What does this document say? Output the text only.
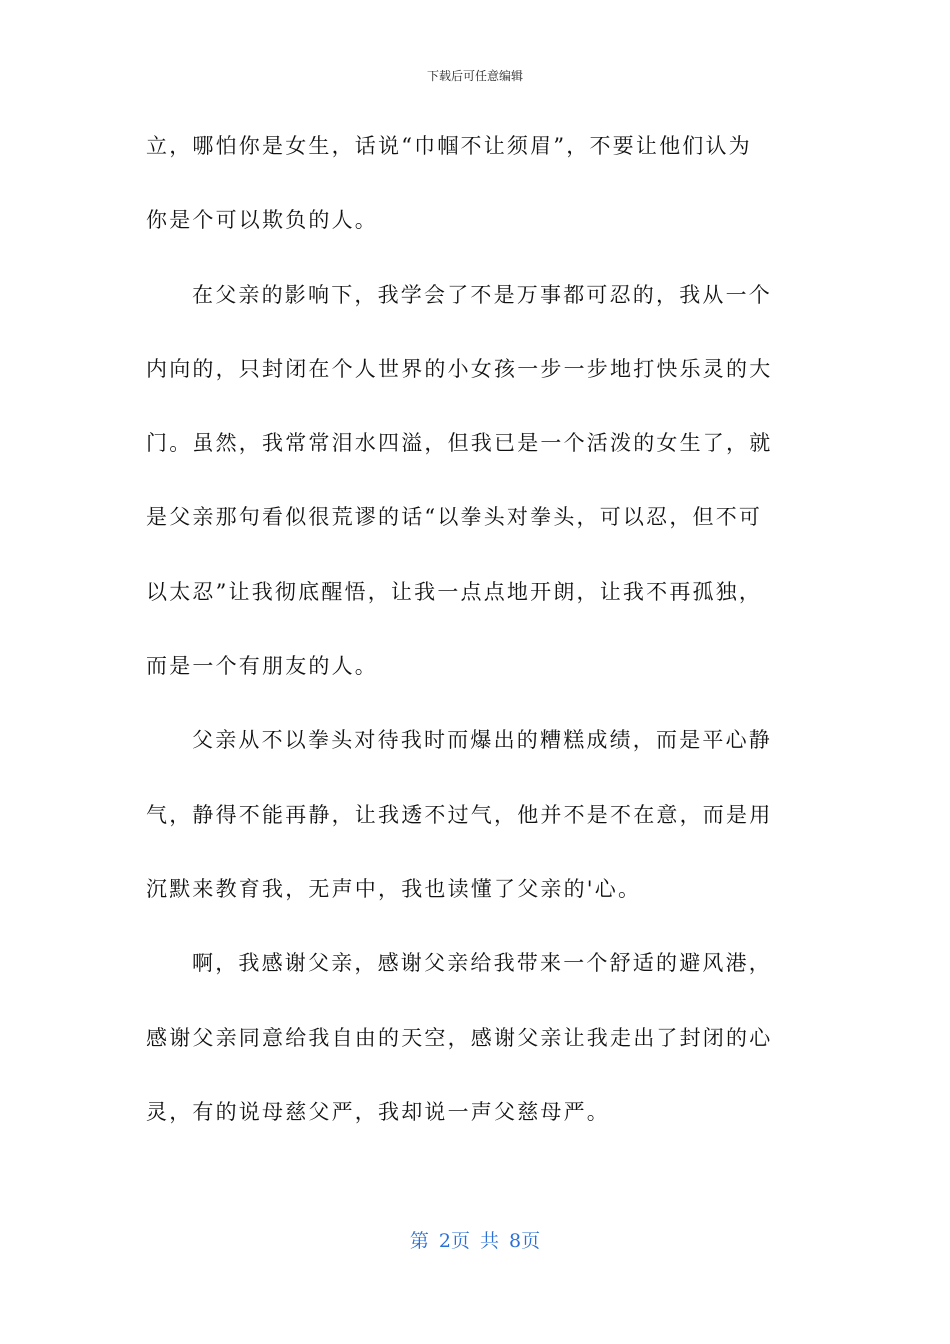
下载后可任意编辑
立，哪怕你是女生，话说“巾帼不让须眉”，不要让他们认为
你是个可以欺负的人。
在父亲的影响下，我学会了不是万事都可忍的，我从一个
内向的，只封闭在个人世界的小女孩一步一步地打快乐灵的大
门。虽然，我常常泪水四溢，但我已是一个活泼的女生了，就
是父亲那句看似很荒谬的话“以拳头对拳头，可以忍，但不可
以太忍”让我彻底醒悟，让我一点点地开朗，让我不再孤独，
而是一个有朋友的人。
父亲从不以拳头对待我时而爆出的糟糕成绩，而是平心静
气，静得不能再静，让我透不过气，他并不是不在意，而是用
沉默来教育我，无声中，我也读懂了父亲的'心。
啊，我感谢父亲，感谢父亲给我带来一个舒适的避风港，
感谢父亲同意给我自由的天空，感谢父亲让我走出了封闭的心
灵，有的说母慈父严，我却说一声父慈母严。
第 2页 共 8页
